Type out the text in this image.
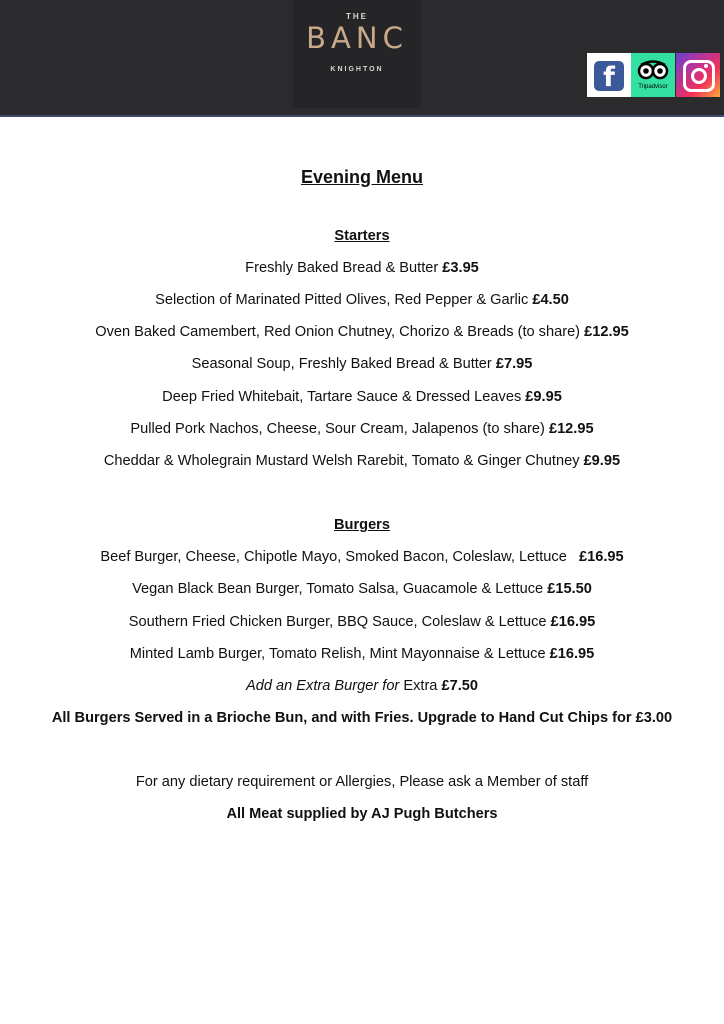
THE
BANC
KNIGHTON	f	Tripadvisor
Evening Menu
Starters
Freshly Baked Bread & Butter £3.95
Selection of Marinated Pitted Olives, Red Pepper & Garlic £4.50
Oven Baked Camembert, Red Onion Chutney, Chorizo & Breads (to share) £12.95
Seasonal Soup, Freshly Baked Bread & Butter £7.95
Deep Fried Whitebait, Tartare Sauce & Dressed Leaves £9.95
Pulled Pork Nachos, Cheese, Sour Cream, Jalapenos (to share) £12.95
Cheddar & Wholegrain Mustard Welsh Rarebit, Tomato & Ginger Chutney £9.95
Burgers
Beef Burger, Cheese, Chipotle Mayo, Smoked Bacon, Coleslaw, Lettuce   £16.95
Vegan Black Bean Burger, Tomato Salsa, Guacamole & Lettuce £15.50
Southern Fried Chicken Burger, BBQ Sauce, Coleslaw & Lettuce £16.95
Minted Lamb Burger, Tomato Relish, Mint Mayonnaise & Lettuce £16.95
Add an Extra Burger for Extra £7.50
All Burgers Served in a Brioche Bun, and with Fries. Upgrade to Hand Cut Chips for £3.00
For any dietary requirement or Allergies, Please ask a Member of staff
All Meat supplied by AJ Pugh Butchers
